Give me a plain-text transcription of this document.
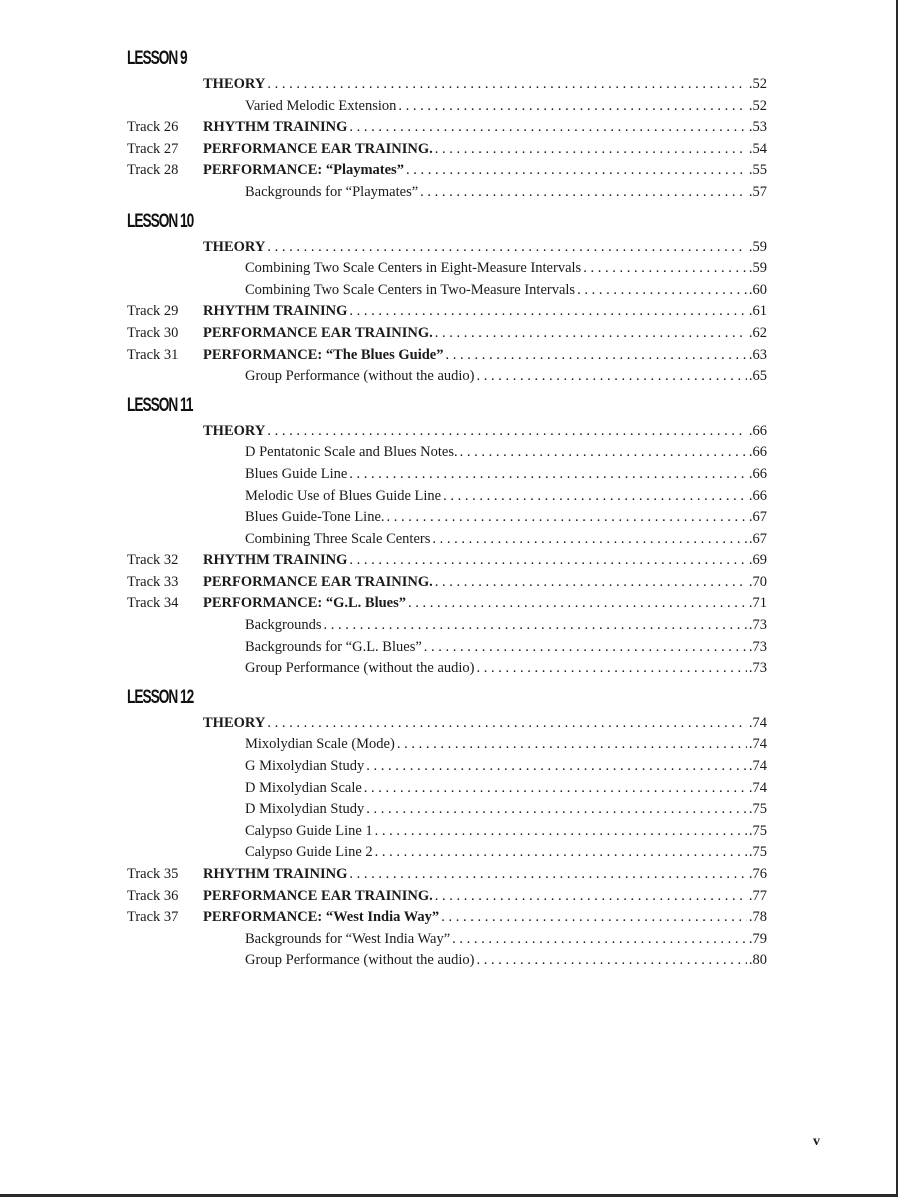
LESSON 9
THEORY . . .	.52
Varied Melodic Extension . . .	.52
Track 26	RHYTHM TRAINING . . .	.53
Track 27	PERFORMANCE EAR TRAINING. . . .	.54
Track 28	PERFORMANCE: “Playmates” . . .	.55
Backgrounds for “Playmates” . . .	.57
LESSON 10
THEORY . . .	.59
Combining Two Scale Centers in Eight-Measure Intervals . . .	.59
Combining Two Scale Centers in Two-Measure Intervals . . .	.60
Track 29	RHYTHM TRAINING . . .	.61
Track 30	PERFORMANCE EAR TRAINING. . . .	.62
Track 31	PERFORMANCE: “The Blues Guide” . . .	.63
Group Performance (without the audio) . . .	.65
LESSON 11
THEORY . . .	.66
D Pentatonic Scale and Blues Notes. . . .	.66
Blues Guide Line . . .	.66
Melodic Use of Blues Guide Line . . .	.66
Blues Guide-Tone Line. . . .	.67
Combining Three Scale Centers . . .	.67
Track 32	RHYTHM TRAINING . . .	.69
Track 33	PERFORMANCE EAR TRAINING. . . .	.70
Track 34	PERFORMANCE: “G.L. Blues” . . .	.71
Backgrounds . . .	.73
Backgrounds for “G.L. Blues” . . .	.73
Group Performance (without the audio) . . .	.73
LESSON 12
THEORY . . .	.74
Mixolydian Scale (Mode) . . .	.74
G Mixolydian Study . . .	.74
D Mixolydian Scale . . .	.74
D Mixolydian Study . . .	.75
Calypso Guide Line 1 . . .	.75
Calypso Guide Line 2 . . .	.75
Track 35	RHYTHM TRAINING . . .	.76
Track 36	PERFORMANCE EAR TRAINING. . . .	.77
Track 37	PERFORMANCE: “West India Way” . . .	.78
Backgrounds for “West India Way” . . .	.79
Group Performance (without the audio) . . .	.80
v
